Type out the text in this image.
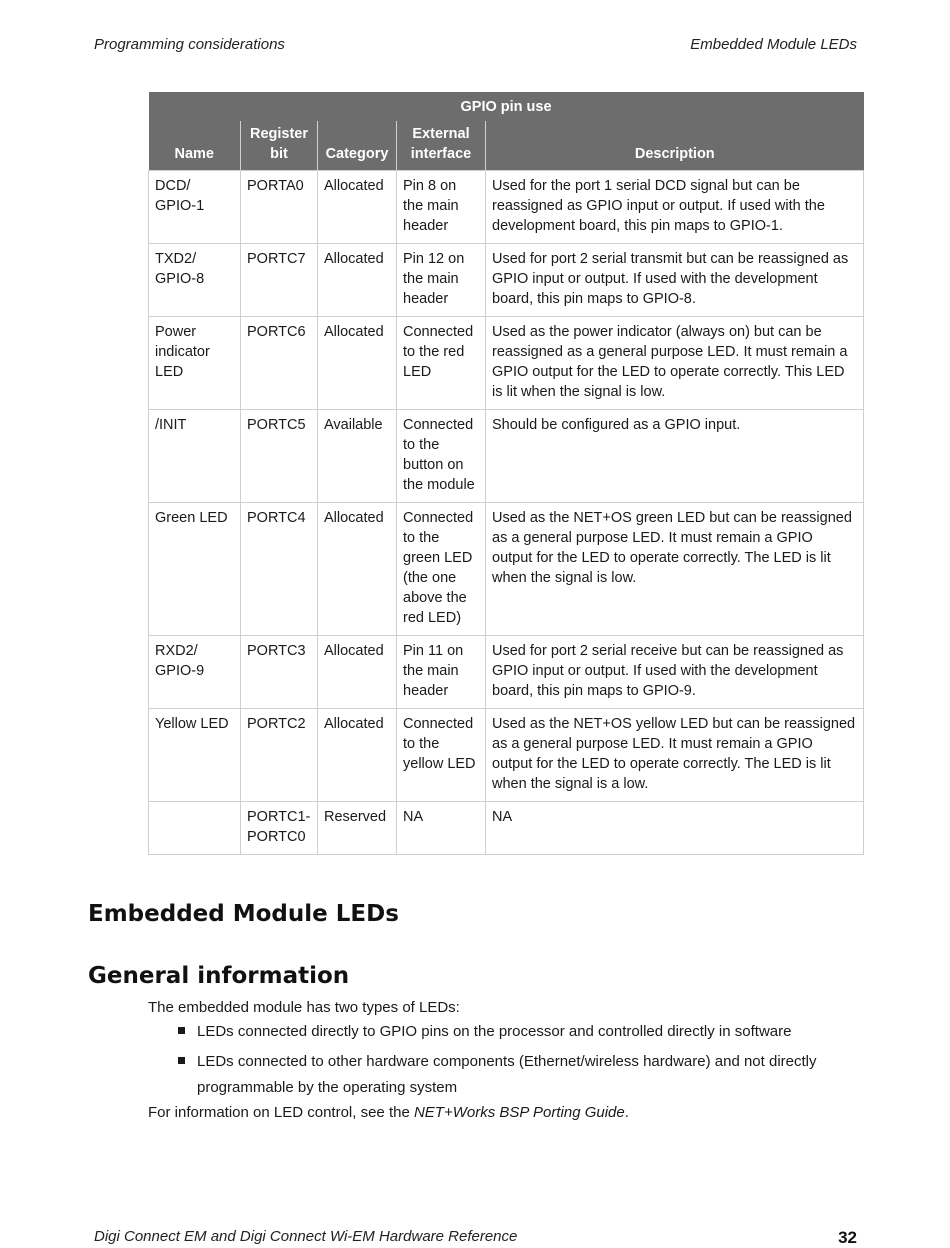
Programming considerations	Embedded Module LEDs
GPIO pin use				
Name	Register bit	Category	External interface	Description
DCD/ GPIO-1	PORTA0	Allocated	Pin 8 on the main header	Used for the port 1 serial DCD signal but can be reassigned as GPIO input or output. If used with the development board, this pin maps to GPIO-1.
TXD2/ GPIO-8	PORTC7	Allocated	Pin 12 on the main header	Used for port 2 serial transmit but can be reassigned as GPIO input or output. If used with the development board, this pin maps to GPIO-8.
Power indicator LED	PORTC6	Allocated	Connected to the red LED	Used as the power indicator (always on) but can be reassigned as a general purpose LED. It must remain a GPIO output for the LED to operate correctly. This LED is lit when the signal is low.
/INIT	PORTC5	Available	Connected to the button on the module	Should be configured as a GPIO input.
Green LED	PORTC4	Allocated	Connected to the green LED (the one above the red LED)	Used as the NET+OS green LED but can be reassigned as a general purpose LED. It must remain a GPIO output for the LED to operate correctly. The LED is lit when the signal is low.
RXD2/ GPIO-9	PORTC3	Allocated	Pin 11 on the main header	Used for port 2 serial receive but can be reassigned as GPIO input or output. If used with the development board, this pin maps to GPIO-9.
Yellow LED	PORTC2	Allocated	Connected to the yellow LED	Used as the NET+OS yellow LED but can be reassigned as a general purpose LED. It must remain a GPIO output for the LED to operate correctly. The LED is lit when the signal is a low.
	PORTC1-PORTC0	Reserved	NA	NA
Embedded Module LEDs
General information

The embedded module has two types of LEDs:

LEDs connected directly to GPIO pins on the processor and controlled directly in software
LEDs connected to other hardware components (Ethernet/wireless hardware) and not directly programmable by the operating system

For information on LED control, see the NET+Works BSP Porting Guide.

Digi Connect EM and Digi Connect Wi-EM Hardware Reference	32
